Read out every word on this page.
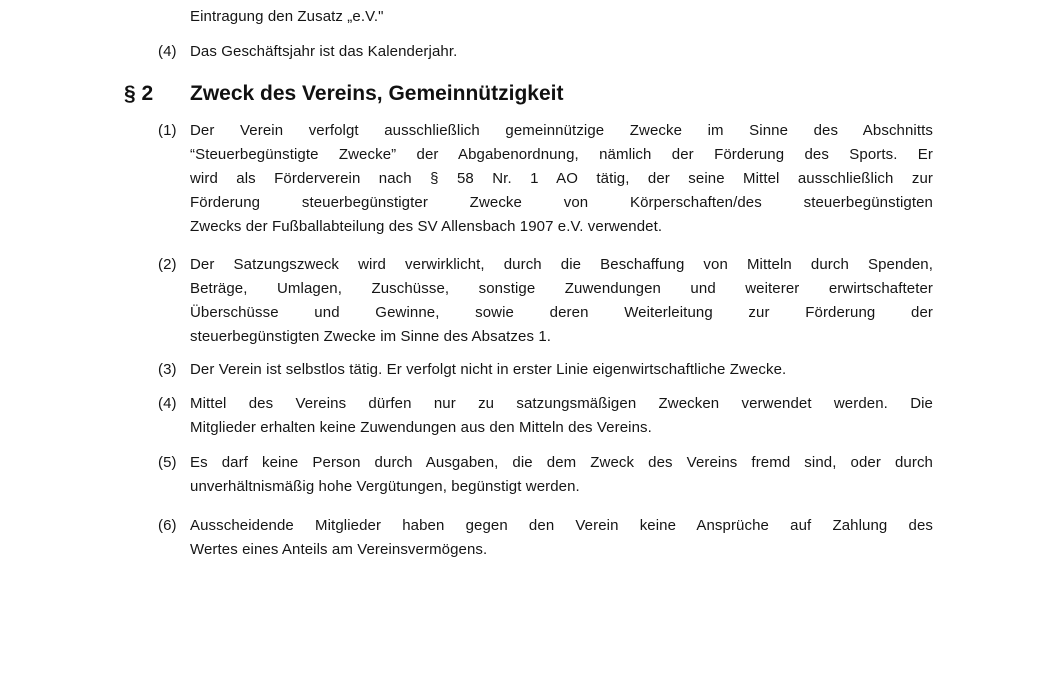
Eintragung den Zusatz „e.V."
(4) Das Geschäftsjahr ist das Kalenderjahr.
§ 2 Zweck des Vereins, Gemeinnützigkeit
(1) Der Verein verfolgt ausschließlich gemeinnützige Zwecke im Sinne des Abschnitts
“Steuerbegünstigte Zwecke” der Abgabenordnung, nämlich der Förderung des Sports. Er
wird als Förderverein nach § 58 Nr. 1 AO tätig, der seine Mittel ausschließlich zur
Förderung steuerbegünstigter Zwecke von Körperschaften/des steuerbegünstigten
Zwecks der Fußballabteilung des SV Allensbach 1907 e.V. verwendet.
(2) Der Satzungszweck wird verwirklicht, durch die Beschaffung von Mitteln durch Spenden,
Beträge, Umlagen, Zuschüsse, sonstige Zuwendungen und weiterer erwirtschafteter
Überschüsse und Gewinne, sowie deren Weiterleitung zur Förderung der
steuerbegünstigten Zwecke im Sinne des Absatzes 1.
(3) Der Verein ist selbstlos tätig. Er verfolgt nicht in erster Linie eigenwirtschaftliche Zwecke.
(4) Mittel des Vereins dürfen nur zu satzungsmäßigen Zwecken verwendet werden. Die
Mitglieder erhalten keine Zuwendungen aus den Mitteln des Vereins.
(5) Es darf keine Person durch Ausgaben, die dem Zweck des Vereins fremd sind, oder durch
unverhältnismäßig hohe Vergütungen, begünstigt werden.
(6) Ausscheidende Mitglieder haben gegen den Verein keine Ansprüche auf Zahlung des
Wertes eines Anteils am Vereinsvermögens.
